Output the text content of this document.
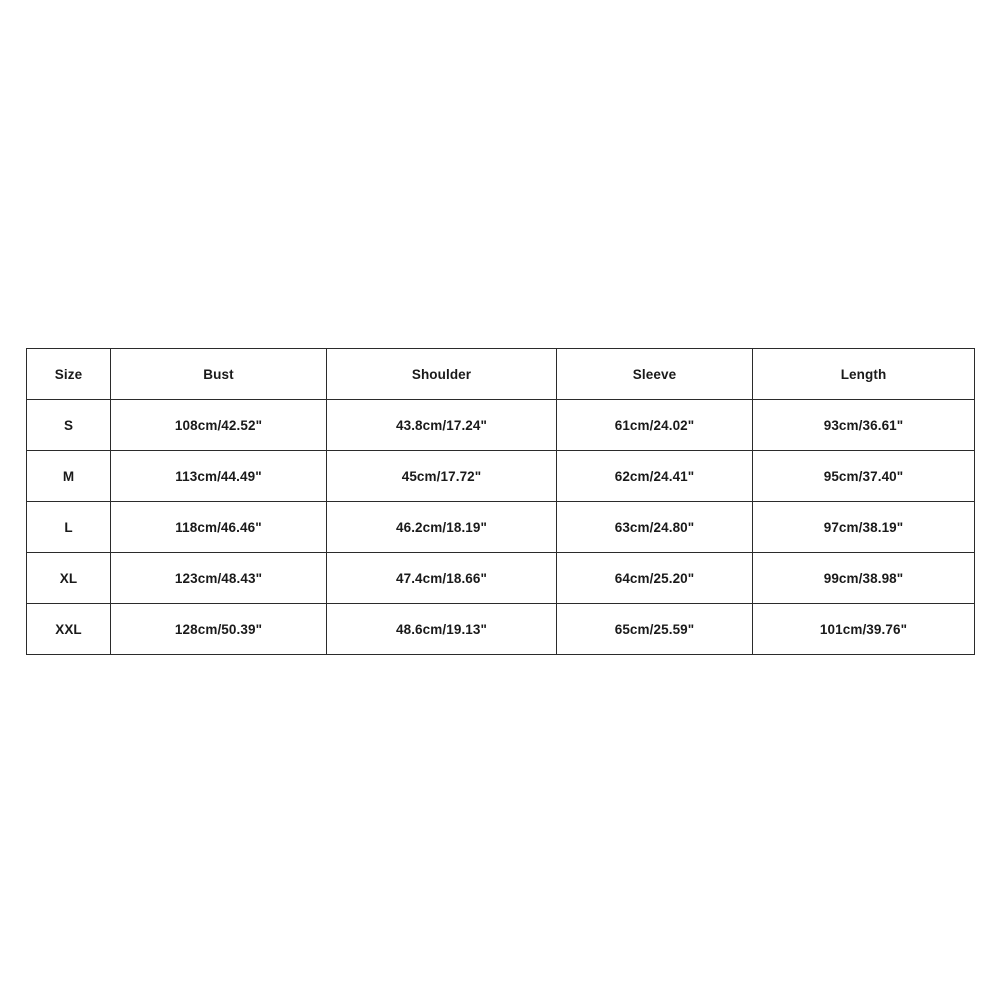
Size	Bust	Shoulder	Sleeve	Length
S	108cm/42.52"	43.8cm/17.24"	61cm/24.02"	93cm/36.61"
M	113cm/44.49"	45cm/17.72"	62cm/24.41"	95cm/37.40"
L	118cm/46.46"	46.2cm/18.19"	63cm/24.80"	97cm/38.19"
XL	123cm/48.43"	47.4cm/18.66"	64cm/25.20"	99cm/38.98"
XXL	128cm/50.39"	48.6cm/19.13"	65cm/25.59"	101cm/39.76"
